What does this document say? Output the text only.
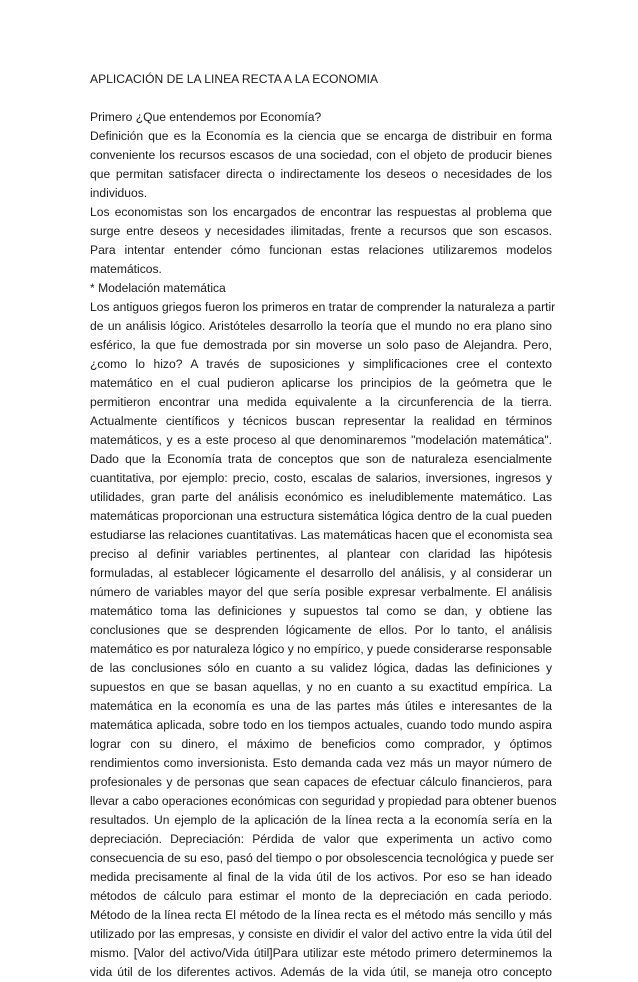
APLICACIÓN DE LA LINEA RECTA A LA ECONOMIA
Primero ¿Que entendemos por Economía?
Definición que es la Economía es la ciencia que se encarga de distribuir en forma
conveniente los recursos escasos de una sociedad, con el objeto de producir bienes
que permitan satisfacer directa o indirectamente los deseos o necesidades de los
individuos.
Los economistas son los encargados de encontrar las respuestas al problema que
surge entre deseos y necesidades ilimitadas, frente a recursos que son escasos.
Para intentar entender cómo funcionan estas relaciones utilizaremos modelos
matemáticos.
* Modelación matemática
Los antiguos griegos fueron los primeros en tratar de comprender la naturaleza a partir
de un análisis lógico. Aristóteles desarrollo la teoría que el mundo no era plano sino
esférico, la que fue demostrada por sin moverse un solo paso de Alejandra. Pero,
¿como lo hizo? A través de suposiciones y simplificaciones cree el contexto
matemático en el cual pudieron aplicarse los principios de la geómetra que le
permitieron encontrar una medida equivalente a la circunferencia de la tierra.
Actualmente científicos y técnicos buscan representar la realidad en términos
matemáticos, y es a este proceso al que denominaremos "modelación matemática".
Dado que la Economía trata de conceptos que son de naturaleza esencialmente
cuantitativa, por ejemplo: precio, costo, escalas de salarios, inversiones, ingresos y
utilidades, gran parte del análisis económico es ineludiblemente matemático. Las
matemáticas proporcionan una estructura sistemática lógica dentro de la cual pueden
estudiarse las relaciones cuantitativas. Las matemáticas hacen que el economista sea
preciso al definir variables pertinentes, al plantear con claridad las hipótesis
formuladas, al establecer lógicamente el desarrollo del análisis, y al considerar un
número de variables mayor del que sería posible expresar verbalmente. El análisis
matemático toma las definiciones y supuestos tal como se dan, y obtiene las
conclusiones que se desprenden lógicamente de ellos. Por lo tanto, el análisis
matemático es por naturaleza lógico y no empírico, y puede considerarse responsable
de las conclusiones sólo en cuanto a su validez lógica, dadas las definiciones y
supuestos en que se basan aquellas, y no en cuanto a su exactitud empírica. La
matemática en la economía es una de las partes más útiles e interesantes de la
matemática aplicada, sobre todo en los tiempos actuales, cuando todo mundo aspira
lograr con su dinero, el máximo de beneficios como comprador, y óptimos
rendimientos como inversionista. Esto demanda cada vez más un mayor número de
profesionales y de personas que sean capaces de efectuar cálculo financieros, para
llevar a cabo operaciones económicas con seguridad y propiedad para obtener buenos
resultados. Un ejemplo de la aplicación de la línea recta a la economía sería en la
depreciación. Depreciación: Pérdida de valor que experimenta un activo como
consecuencia de su eso, pasó del tiempo o por obsolescencia tecnológica y puede ser
medida precisamente al final de la vida útil de los activos. Por eso se han ideado
métodos de cálculo para estimar el monto de la depreciación en cada periodo.
Método de la línea recta El método de la línea recta es el método más sencillo y más
utilizado por las empresas, y consiste en dividir el valor del activo entre la vida útil del
mismo. [Valor del activo/Vida útil]Para utilizar este método primero determinemos la
vida útil de los diferentes activos. Además de la vida útil, se maneja otro concepto
